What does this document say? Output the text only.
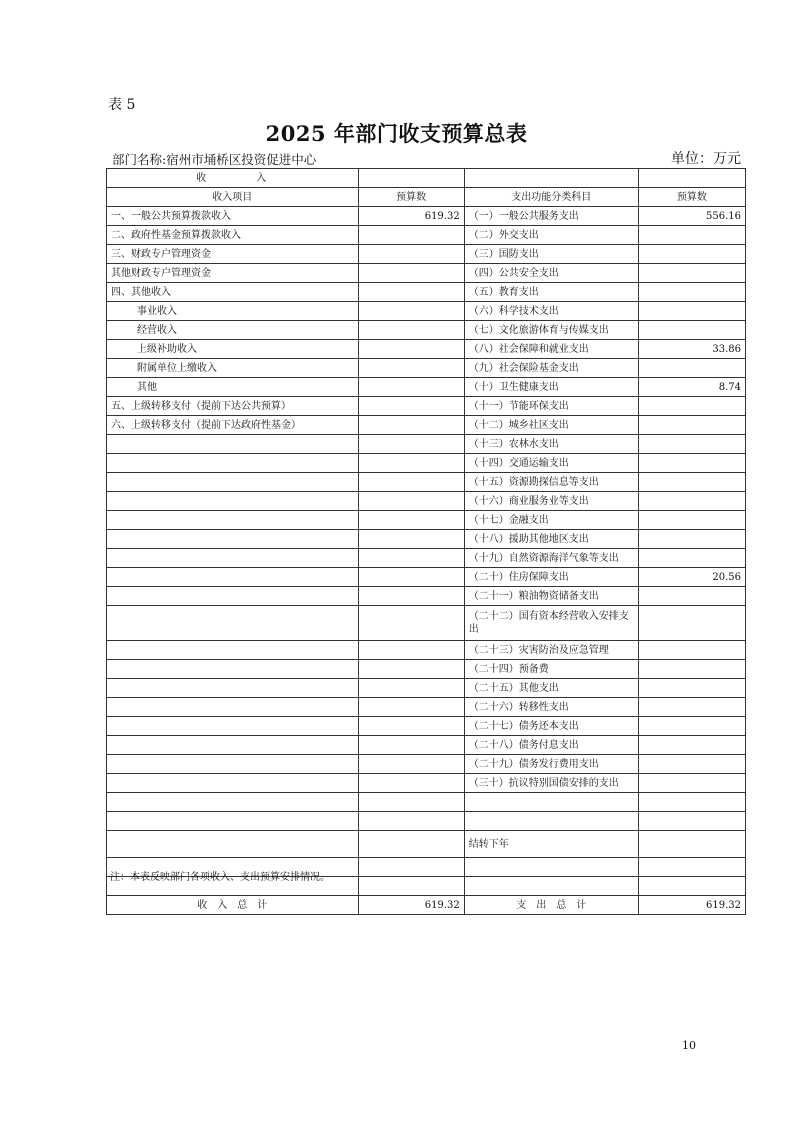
表 5
2025 年部门收支预算总表
部门名称:宿州市埇桥区投资促进中心	单位：万元
收　　　　入			
收入项目	预算数	支出功能分类科目	预算数
一、一般公共预算拨款收入	619.32	（一）一般公共服务支出	556.16
二、政府性基金预算拨款收入		（二）外交支出	
三、财政专户管理资金		（三）国防支出	
其他财政专户管理资金		（四）公共安全支出	
四、其他收入		（五）教育支出	
事业收入		（六）科学技术支出	
经营收入		（七）文化旅游体育与传媒支出	
上级补助收入		（八）社会保障和就业支出	33.86
附属单位上缴收入		（九）社会保险基金支出	
其他		（十）卫生健康支出	8.74
五、上级转移支付（提前下达公共预算）		（十一）节能环保支出	
六、上级转移支付（提前下达政府性基金）		（十二）城乡社区支出	
		（十三）农林水支出	
		（十四）交通运输支出	
		（十五）资源勘探信息等支出	
		（十六）商业服务业等支出	
		（十七）金融支出	
		（十八）援助其他地区支出	
		（十九）自然资源海洋气象等支出	
		（二十）住房保障支出	20.56
		（二十一）粮油物资储备支出	
		（二十二）国有资本经营收入安排支出	
		（二十三）灾害防治及应急管理	
		（二十四）预备费	
		（二十五）其他支出	
		（二十六）转移性支出	
		（二十七）债务还本支出	
		（二十八）债务付息支出	
		（二十九）债务发行费用支出	
		（三十）抗议特别国债安排的支出	

		结转下年	

收　入　总　计	619.32	支　出　总　计	619.32
注：本表反映部门各项收入、支出预算安排情况。
10
